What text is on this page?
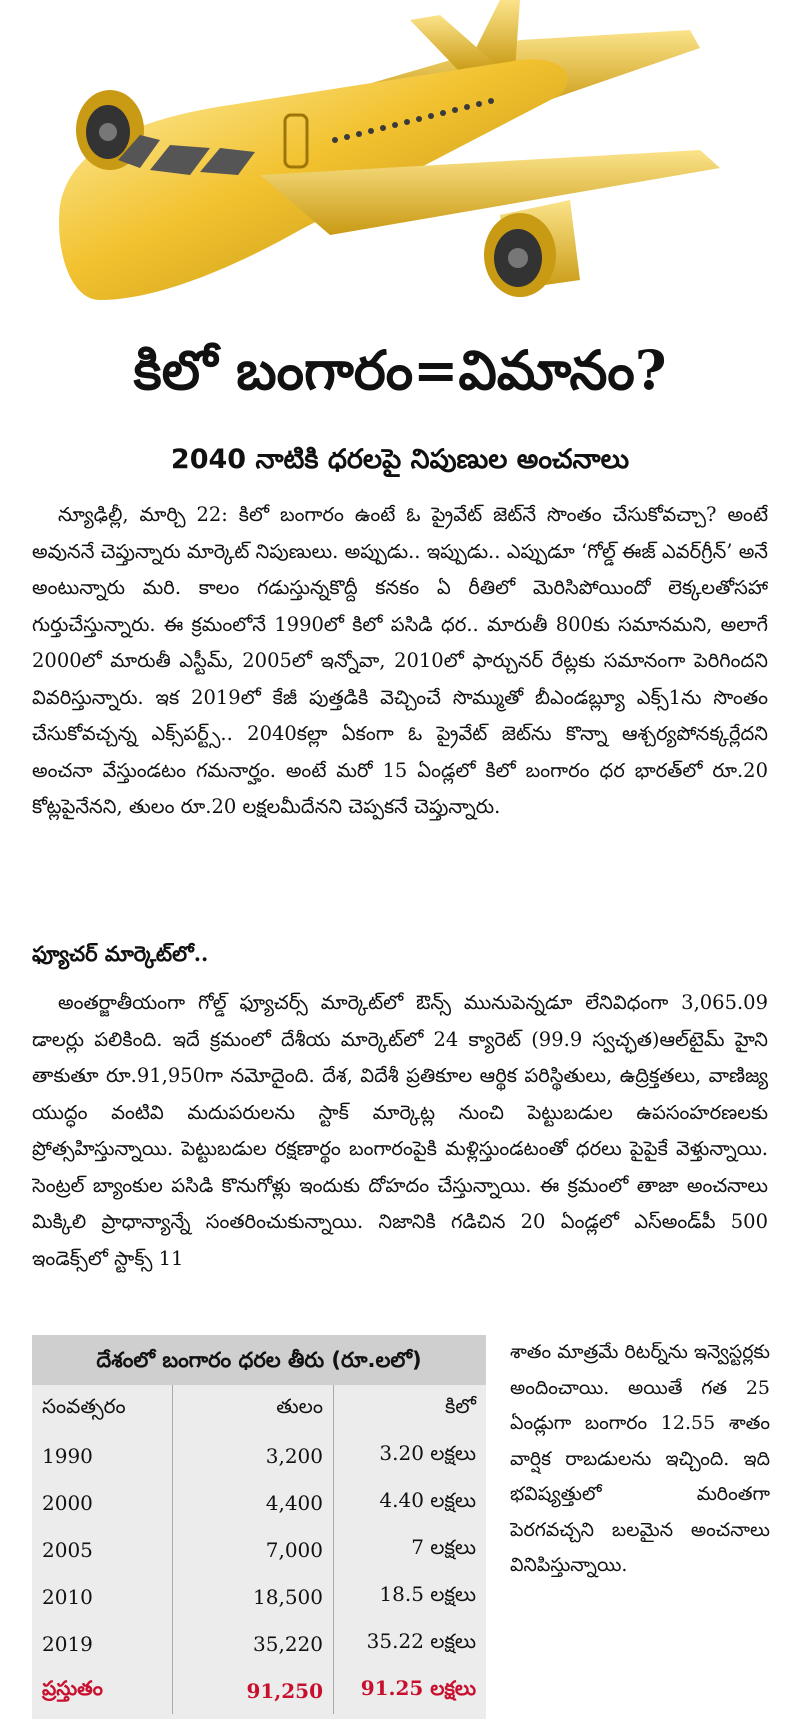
కిలో బంగారం=విమానం?
2040 నాటికి ధరలపై నిపుణుల అంచనాలు

న్యూఢిల్లీ, మార్చి 22: కిలో బంగారం ఉంటే ఓ ప్రైవేట్ జెట్‌నే సొంతం చేసుకోవచ్చా? అంటే అవుననే చెప్తున్నారు మార్కెట్ నిపుణులు. అప్పుడు.. ఇప్పుడు.. ఎప్పుడూ ‘గోల్డ్ ఈజ్ ఎవర్‌గ్రీన్’ అనే అంటున్నారు మరి. కాలం గడుస్తున్నకొద్దీ కనకం ఏ రీతిలో మెరిసిపోయిందో లెక్కలతోసహా గుర్తుచేస్తున్నారు. ఈ క్రమంలోనే 1990లో కిలో పసిడి ధర.. మారుతీ 800కు సమానమని, అలాగే 2000లో మారుతీ ఎస్టీమ్, 2005లో ఇన్నోవా, 2010లో ఫార్చునర్ రేట్లకు సమానంగా పెరిగిందని వివరిస్తున్నారు. ఇక 2019లో కేజీ పుత్తడికి వెచ్చించే సొమ్ముతో బీఎండబ్ల్యూ ఎక్స్1ను సొంతం చేసుకోవచ్చన్న ఎక్స్‌పర్ట్స్.. 2040కల్లా ఏకంగా ఓ ప్రైవేట్ జెట్‌ను కొన్నా ఆశ్చర్యపోనక్కర్లేదని అంచనా వేస్తుండటం గమనార్హం. అంటే మరో 15 ఏండ్లలో కిలో బంగారం ధర భారత్‌లో రూ.20 కోట్లపైనేనని, తులం రూ.20 లక్షలమీదేనని చెప్పకనే చెప్తున్నారు.

ఫ్యూచర్ మార్కెట్‌లో..

అంతర్జాతీయంగా గోల్డ్ ఫ్యూచర్స్ మార్కెట్‌లో ఔన్స్ మునుపెన్నడూ లేనివిధంగా 3,065.09 డాలర్లు పలికింది. ఇదే క్రమంలో దేశీయ మార్కెట్‌లో 24 క్యారెట్ (99.9 స్వచ్ఛత)ఆల్‌టైమ్ హైని తాకుతూ రూ.91,950గా నమోదైంది. దేశ, విదేశీ ప్రతికూల ఆర్థిక పరిస్థితులు, ఉద్రిక్తతలు, వాణిజ్య యుద్ధం వంటివి మదుపరులను స్టాక్ మార్కెట్ల నుంచి పెట్టుబడుల ఉపసంహరణలకు ప్రోత్సహిస్తున్నాయి. పెట్టుబడుల రక్షణార్థం బంగారంపైకి మళ్లిస్తుండటంతో ధరలు పైపైకే వెళ్తున్నాయి. సెంట్రల్ బ్యాంకుల పసిడి కొనుగోళ్లు ఇందుకు దోహదం చేస్తున్నాయి. ఈ క్రమంలో తాజా అంచనాలు మిక్కిలి ప్రాధాన్యాన్నే సంతరించుకున్నాయి. నిజానికి గడిచిన 20 ఏండ్లలో ఎస్అండ్‌పీ 500 ఇండెక్స్‌లో స్టాక్స్ 11

శాతం మాత్రమే రిటర్న్‌ను ఇన్వెస్టర్లకు అందించాయి. అయితే గత 25 ఏండ్లుగా బంగారం 12.55 శాతం వార్షిక రాబడులను ఇచ్చింది. ఇది భవిష్యత్తులో మరింతగా పెరగవచ్చని బలమైన అంచనాలు వినిపిస్తున్నాయి.

దేశంలో బంగారం ధరల తీరు (రూ.లలో)
సంవత్సరం	తులం	కిలో
1990	3,200	3.20 లక్షలు
2000	4,400	4.40 లక్షలు
2005	7,000	7 లక్షలు
2010	18,500	18.5 లక్షలు
2019	35,220	35.22 లక్షలు
ప్రస్తుతం	91,250	91.25 లక్షలు
